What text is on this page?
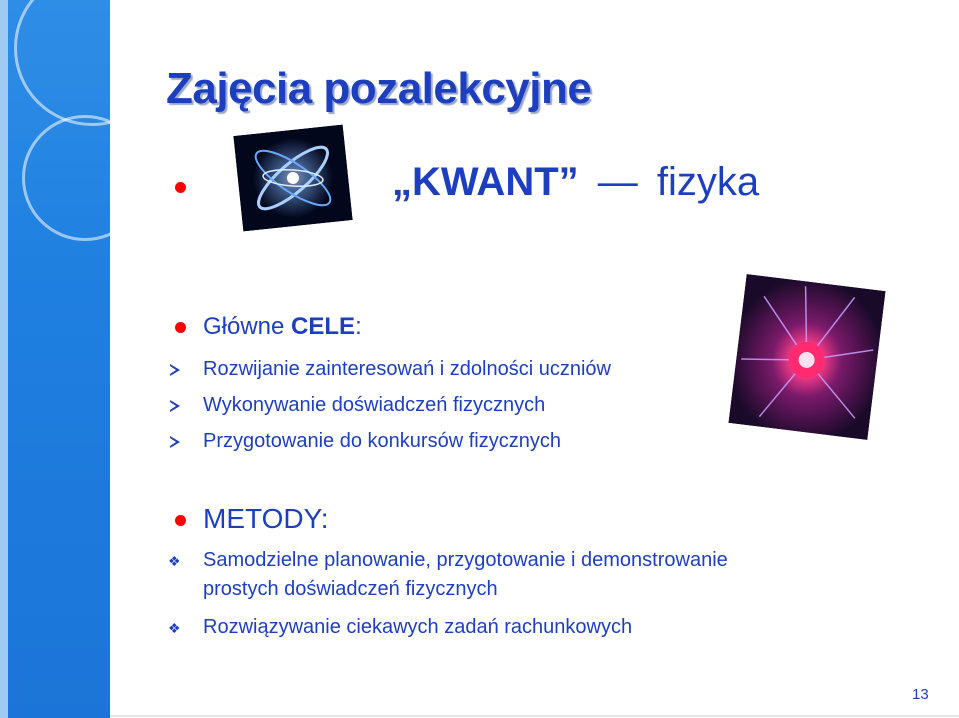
Zajęcia pozalekcyjne
„KWANT” — fizyka
Główne CELE:
Rozwijanie zainteresowań i zdolności uczniów
Wykonywanie doświadczeń fizycznych
Przygotowanie do konkursów fizycznych
METODY:
❖ Samodzielne planowanie, przygotowanie i demonstrowanie
prostych doświadczeń fizycznych
❖ Rozwiązywanie ciekawych zadań rachunkowych
13
